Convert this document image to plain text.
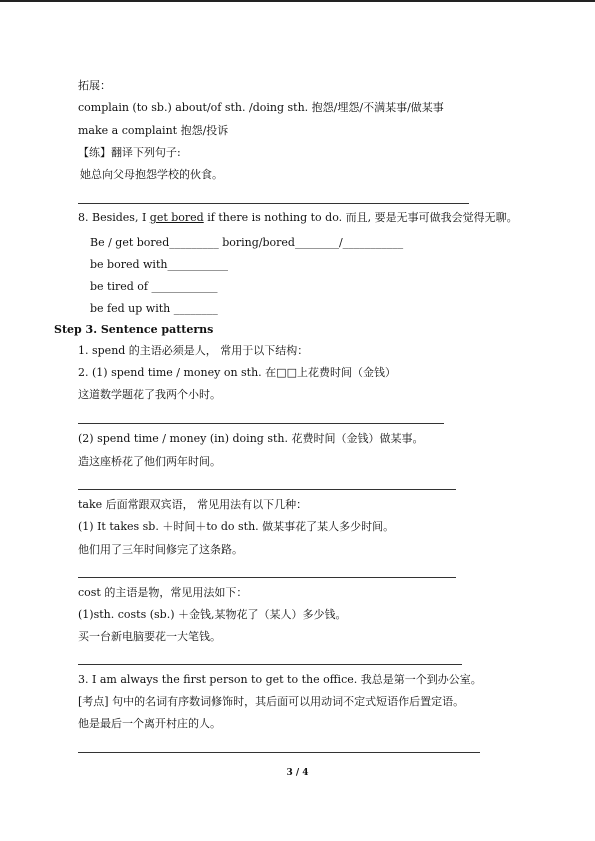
拓展：
complain (to sb.) about/of sth. /doing sth. 抱怨/埋怨/不满某事/做某事
make a complaint 抱怨/投诉
【练】翻译下列句子:
她总向父母抱怨学校的伙食。
8. Besides, I get bored if there is nothing to do. 而且, 要是无事可做我会觉得无聊。
Be / get bored_________ boring/bored________/___________
be bored with___________
be tired of ____________
be fed up with ________
Step 3. Sentence patterns
1. spend 的主语必须是人， 常用于以下结构：
2. (1) spend time / money on sth. 在□□上花费时间（金钱）
这道数学题花了我两个小时。
(2) spend time / money (in) doing sth. 花费时间（金钱）做某事。
造这座桥花了他们两年时间。
take 后面常跟双宾语， 常见用法有以下几种：
(1) It takes sb. ＋时间＋to do sth. 做某事花了某人多少时间。
他们用了三年时间修完了这条路。
cost 的主语是物，常见用法如下：
(1)sth. costs (sb.) ＋金钱,某物花了（某人）多少钱。
买一台新电脑要花一大笔钱。
3. I am always the first person to get to the office. 我总是第一个到办公室。
[考点] 句中的名词有序数词修饰时，其后面可以用动词不定式短语作后置定语。
他是最后一个离开村庄的人。
3 / 4
